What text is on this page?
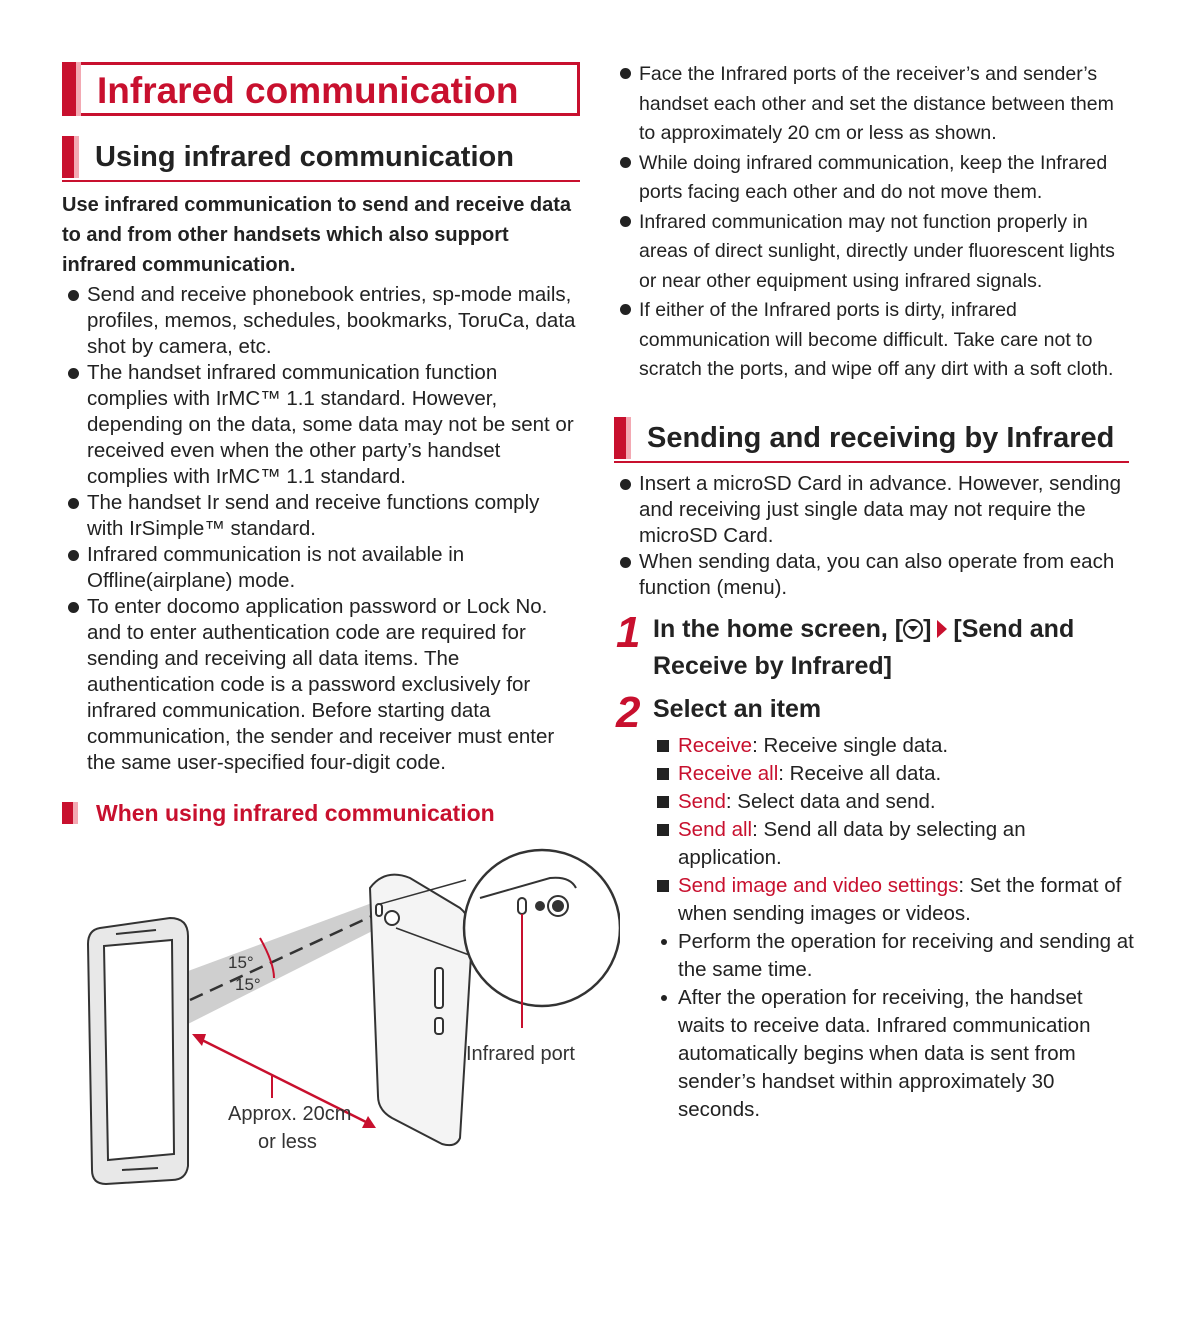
Infrared communication
Using infrared communication
Use infrared communication to send and receive data to and from other handsets which also support infrared communication.
Send and receive phonebook entries, sp-mode mails, profiles, memos, schedules, bookmarks, ToruCa, data shot by camera, etc.
The handset infrared communication function complies with IrMC™ 1.1 standard. However, depending on the data, some data may not be sent or received even when the other party’s handset complies with IrMC™ 1.1 standard.
The handset Ir send and receive functions comply with IrSimple™ standard.
Infrared communication is not available in Offline(airplane) mode.
To enter docomo application password or Lock No. and to enter authentication code are required for sending and receiving all data items. The authentication code is a password exclusively for infrared communication. Before starting data communication, the sender and receiver must enter the same user-specified four-digit code.
When using infrared communication
15°
15°
Infrared port
Approx. 20cm
or less
Face the Infrared ports of the receiver’s and sender’s handset each other and set the distance between them to approximately 20 cm or less as shown.
While doing infrared communication, keep the Infrared ports facing each other and do not move them.
Infrared communication may not function properly in areas of direct sunlight, directly under fluorescent lights or near other equipment using infrared signals.
If either of the Infrared ports is dirty, infrared communication will become difficult. Take care not to scratch the ports, and wipe off any dirt with a soft cloth.
Sending and receiving by Infrared
Insert a microSD Card in advance. However, sending and receiving just single data may not require the microSD Card.
When sending data, you can also operate from each function (menu).
1 In the home screen, [ ] [Send and Receive by Infrared]
2 Select an item
Receive: Receive single data.
Receive all: Receive all data.
Send: Select data and send.
Send all: Send all data by selecting an application.
Send image and video settings: Set the format of when sending images or videos.
Perform the operation for receiving and sending at the same time.
After the operation for receiving, the handset waits to receive data. Infrared communication automatically begins when data is sent from sender’s handset within approximately 30 seconds.
